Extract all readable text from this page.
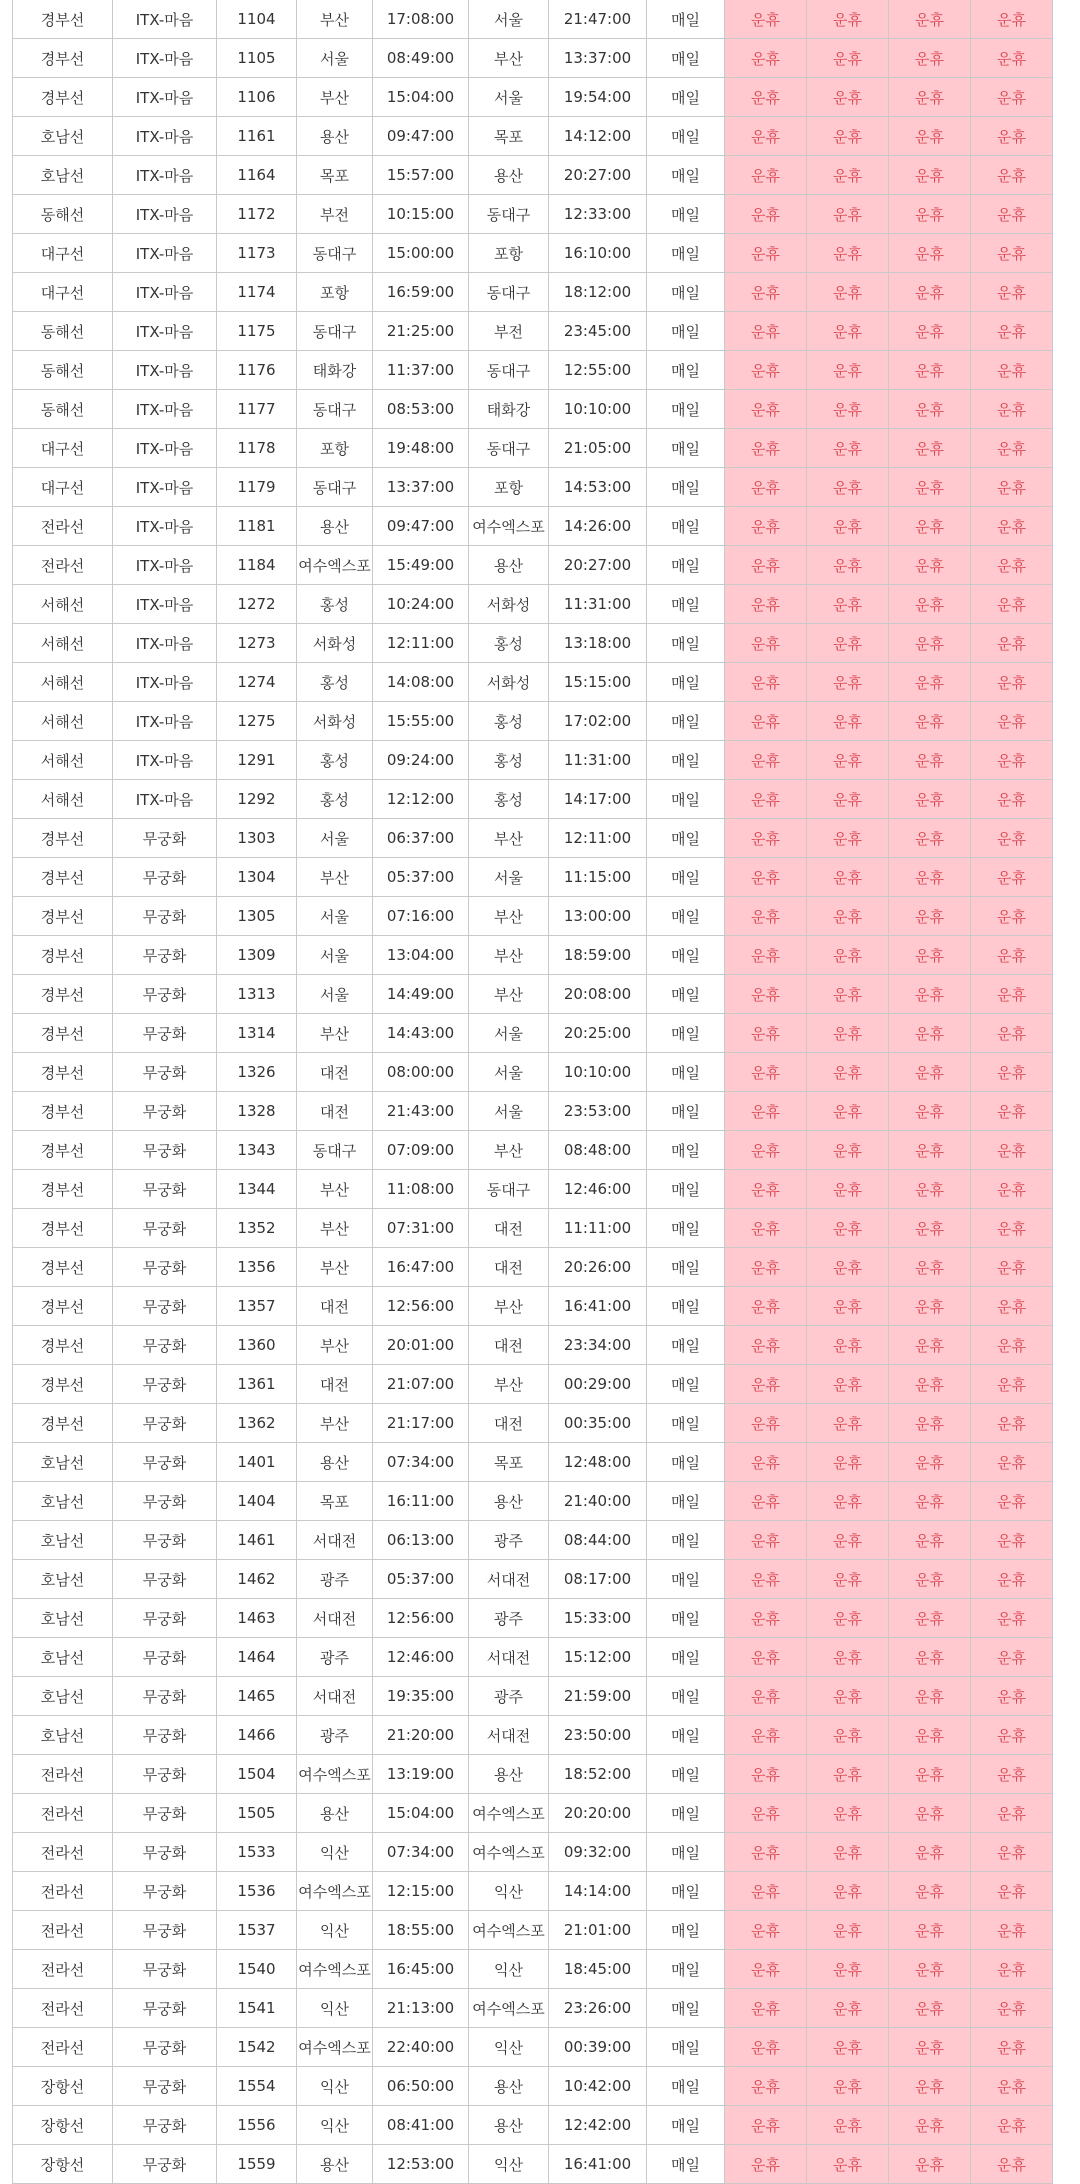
경부선	ITX-마음	1104	부산	17:08:00	서울	21:47:00	매일	운휴	운휴	운휴	운휴
경부선	ITX-마음	1105	서울	08:49:00	부산	13:37:00	매일	운휴	운휴	운휴	운휴
경부선	ITX-마음	1106	부산	15:04:00	서울	19:54:00	매일	운휴	운휴	운휴	운휴
호남선	ITX-마음	1161	용산	09:47:00	목포	14:12:00	매일	운휴	운휴	운휴	운휴
호남선	ITX-마음	1164	목포	15:57:00	용산	20:27:00	매일	운휴	운휴	운휴	운휴
동해선	ITX-마음	1172	부전	10:15:00	동대구	12:33:00	매일	운휴	운휴	운휴	운휴
대구선	ITX-마음	1173	동대구	15:00:00	포항	16:10:00	매일	운휴	운휴	운휴	운휴
대구선	ITX-마음	1174	포항	16:59:00	동대구	18:12:00	매일	운휴	운휴	운휴	운휴
동해선	ITX-마음	1175	동대구	21:25:00	부전	23:45:00	매일	운휴	운휴	운휴	운휴
동해선	ITX-마음	1176	태화강	11:37:00	동대구	12:55:00	매일	운휴	운휴	운휴	운휴
동해선	ITX-마음	1177	동대구	08:53:00	태화강	10:10:00	매일	운휴	운휴	운휴	운휴
대구선	ITX-마음	1178	포항	19:48:00	동대구	21:05:00	매일	운휴	운휴	운휴	운휴
대구선	ITX-마음	1179	동대구	13:37:00	포항	14:53:00	매일	운휴	운휴	운휴	운휴
전라선	ITX-마음	1181	용산	09:47:00	여수엑스포	14:26:00	매일	운휴	운휴	운휴	운휴
전라선	ITX-마음	1184	여수엑스포	15:49:00	용산	20:27:00	매일	운휴	운휴	운휴	운휴
서해선	ITX-마음	1272	홍성	10:24:00	서화성	11:31:00	매일	운휴	운휴	운휴	운휴
서해선	ITX-마음	1273	서화성	12:11:00	홍성	13:18:00	매일	운휴	운휴	운휴	운휴
서해선	ITX-마음	1274	홍성	14:08:00	서화성	15:15:00	매일	운휴	운휴	운휴	운휴
서해선	ITX-마음	1275	서화성	15:55:00	홍성	17:02:00	매일	운휴	운휴	운휴	운휴
서해선	ITX-마음	1291	홍성	09:24:00	홍성	11:31:00	매일	운휴	운휴	운휴	운휴
서해선	ITX-마음	1292	홍성	12:12:00	홍성	14:17:00	매일	운휴	운휴	운휴	운휴
경부선	무궁화	1303	서울	06:37:00	부산	12:11:00	매일	운휴	운휴	운휴	운휴
경부선	무궁화	1304	부산	05:37:00	서울	11:15:00	매일	운휴	운휴	운휴	운휴
경부선	무궁화	1305	서울	07:16:00	부산	13:00:00	매일	운휴	운휴	운휴	운휴
경부선	무궁화	1309	서울	13:04:00	부산	18:59:00	매일	운휴	운휴	운휴	운휴
경부선	무궁화	1313	서울	14:49:00	부산	20:08:00	매일	운휴	운휴	운휴	운휴
경부선	무궁화	1314	부산	14:43:00	서울	20:25:00	매일	운휴	운휴	운휴	운휴
경부선	무궁화	1326	대전	08:00:00	서울	10:10:00	매일	운휴	운휴	운휴	운휴
경부선	무궁화	1328	대전	21:43:00	서울	23:53:00	매일	운휴	운휴	운휴	운휴
경부선	무궁화	1343	동대구	07:09:00	부산	08:48:00	매일	운휴	운휴	운휴	운휴
경부선	무궁화	1344	부산	11:08:00	동대구	12:46:00	매일	운휴	운휴	운휴	운휴
경부선	무궁화	1352	부산	07:31:00	대전	11:11:00	매일	운휴	운휴	운휴	운휴
경부선	무궁화	1356	부산	16:47:00	대전	20:26:00	매일	운휴	운휴	운휴	운휴
경부선	무궁화	1357	대전	12:56:00	부산	16:41:00	매일	운휴	운휴	운휴	운휴
경부선	무궁화	1360	부산	20:01:00	대전	23:34:00	매일	운휴	운휴	운휴	운휴
경부선	무궁화	1361	대전	21:07:00	부산	00:29:00	매일	운휴	운휴	운휴	운휴
경부선	무궁화	1362	부산	21:17:00	대전	00:35:00	매일	운휴	운휴	운휴	운휴
호남선	무궁화	1401	용산	07:34:00	목포	12:48:00	매일	운휴	운휴	운휴	운휴
호남선	무궁화	1404	목포	16:11:00	용산	21:40:00	매일	운휴	운휴	운휴	운휴
호남선	무궁화	1461	서대전	06:13:00	광주	08:44:00	매일	운휴	운휴	운휴	운휴
호남선	무궁화	1462	광주	05:37:00	서대전	08:17:00	매일	운휴	운휴	운휴	운휴
호남선	무궁화	1463	서대전	12:56:00	광주	15:33:00	매일	운휴	운휴	운휴	운휴
호남선	무궁화	1464	광주	12:46:00	서대전	15:12:00	매일	운휴	운휴	운휴	운휴
호남선	무궁화	1465	서대전	19:35:00	광주	21:59:00	매일	운휴	운휴	운휴	운휴
호남선	무궁화	1466	광주	21:20:00	서대전	23:50:00	매일	운휴	운휴	운휴	운휴
전라선	무궁화	1504	여수엑스포	13:19:00	용산	18:52:00	매일	운휴	운휴	운휴	운휴
전라선	무궁화	1505	용산	15:04:00	여수엑스포	20:20:00	매일	운휴	운휴	운휴	운휴
전라선	무궁화	1533	익산	07:34:00	여수엑스포	09:32:00	매일	운휴	운휴	운휴	운휴
전라선	무궁화	1536	여수엑스포	12:15:00	익산	14:14:00	매일	운휴	운휴	운휴	운휴
전라선	무궁화	1537	익산	18:55:00	여수엑스포	21:01:00	매일	운휴	운휴	운휴	운휴
전라선	무궁화	1540	여수엑스포	16:45:00	익산	18:45:00	매일	운휴	운휴	운휴	운휴
전라선	무궁화	1541	익산	21:13:00	여수엑스포	23:26:00	매일	운휴	운휴	운휴	운휴
전라선	무궁화	1542	여수엑스포	22:40:00	익산	00:39:00	매일	운휴	운휴	운휴	운휴
장항선	무궁화	1554	익산	06:50:00	용산	10:42:00	매일	운휴	운휴	운휴	운휴
장항선	무궁화	1556	익산	08:41:00	용산	12:42:00	매일	운휴	운휴	운휴	운휴
장항선	무궁화	1559	용산	12:53:00	익산	16:41:00	매일	운휴	운휴	운휴	운휴
